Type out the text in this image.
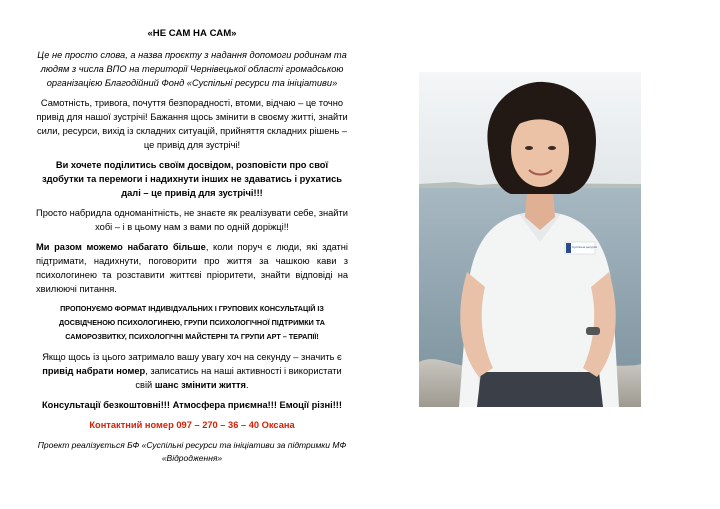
«НЕ САМ НА САМ»

Це не просто слова, а назва проєкту з надання допомоги родинам та людям з числа ВПО на території Чернівецької області громадською організацією Благодійний Фонд «Суспільні ресурси та ініціативи»

Самотність, тривога, почуття безпорадності, втоми, відчаю – це точно привід для нашої зустрічі! Бажання щось змінити в своєму житті, знайти сили, ресурси, вихід із складних ситуацій, прийняття складних рішень – це привід для зустрічі!

Ви хочете поділитись своїм досвідом, розповісти про свої здобутки та перемоги і надихнути інших не здаватись і рухатись далі – це привід для зустрічі!!!

Просто набридла одноманітність, не знаєте як реалізувати себе, знайти хобі – і в цьому нам з вами по одній доріжці!!

Ми разом можемо набагато більше, коли поруч є люди, які здатні підтримати, надихнути, поговорити про життя за чашкою кави з психологинею та розставити життєві пріоритети, знайти відповіді на хвилюючі питання.

ПРОПОНУЄМО ФОРМАТ ІНДИВІДУАЛЬНИХ І ГРУПОВИХ КОНСУЛЬТАЦІЙ ІЗ ДОСВІДЧЕНОЮ ПСИХОЛОГИНЕЮ, ГРУПИ ПСИХОЛОГІЧНОЇ ПІДТРИМКИ ТА САМОРОЗВИТКУ, ПСИХОЛОГІЧНІ МАЙСТЕРНІ ТА ГРУПИ АРТ – ТЕРАПІЇ!

Якщо щось із цього затримало вашу увагу хоч на секунду – значить є привід набрати номер, записатись на наші активності і використати свій шанс змінити життя.

Консультації безкоштовні!!! Атмосфера приємна!!! Емоції різні!!!

Контактний номер 097 – 270 – 36 – 40 Оксана

Проект реалізується БФ «Суспільні ресурси та ініціативи за підтримки МФ «Відродження»

Суспільні ресурси
